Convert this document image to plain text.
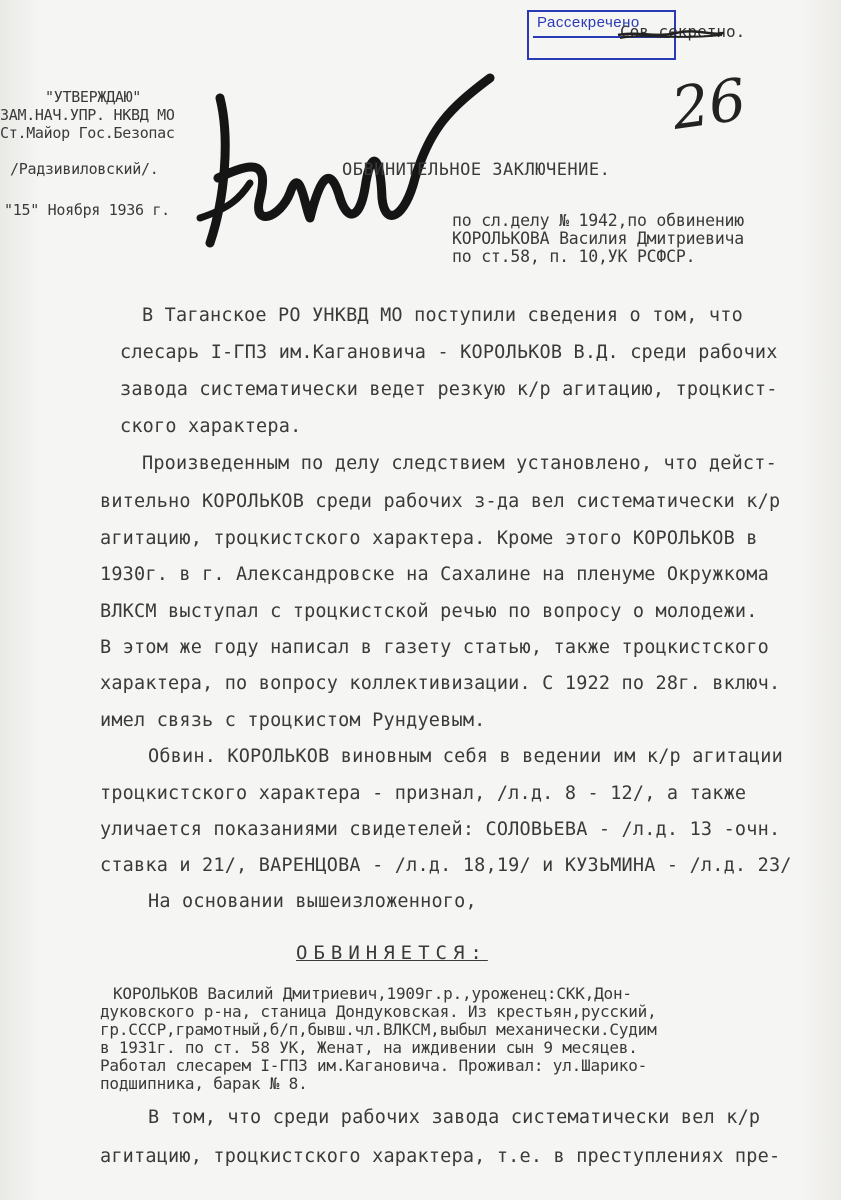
Рассекречено
Сов.секретно.
26
"УТВЕРЖДАЮ"
ЗАМ.НАЧ.УПР. НКВД МО
Ст.Майор Гос.Безопас
/Радзивиловский/.
"15" Ноября 1936 г.
ОБВИНИТЕЛЬНОЕ ЗАКЛЮЧЕНИЕ.
по сл.делу № 1942,по обвинению
КОРОЛЬКОВА Василия Дмитриевича
по ст.58, п. 10,УК РСФСР.
В Таганское РО УНКВД МО поступили сведения о том, что
слесарь I-ГПЗ им.Кагановича - КОРОЛЬКОВ В.Д. среди рабочих
завода систематически ведет резкую к/р агитацию, троцкист-
ского характера.
Произведенным по делу следствием установлено, что дейст-
вительно КОРОЛЬКОВ среди рабочих з-да вел систематически к/р
агитацию, троцкистского характера. Кроме этого КОРОЛЬКОВ в
1930г. в г. Александровске на Сахалине на пленуме Окружкома
ВЛКСМ выступал с троцкистской речью по вопросу о молодежи.
В этом же году написал в газету статью, также троцкистского
характера, по вопросу коллективизации. С 1922 по 28г. включ.
имел связь с троцкистом Рундуевым.
Обвин. КОРОЛЬКОВ виновным себя в ведении им к/р агитации
троцкистского характера - признал, /л.д. 8 - 12/, а также
уличается показаниями свидетелей: СОЛОВЬЕВА - /л.д. 13 -очн.
ставка и 21/, ВАРЕНЦОВА - /л.д. 18,19/ и КУЗЬМИНА - /л.д. 23/
На основании вышеизложенного,
ОБВИНЯЕТСЯ:
КОРОЛЬКОВ Василий Дмитриевич,1909г.р.,уроженец:СКК,Дон-
дуковского р-на, станица Дондуковская. Из крестьян,русский,
гр.СССР,грамотный,б/п,бывш.чл.ВЛКСМ,выбыл механически.Судим
в 1931г. по ст. 58 УК, Женат, на иждивении сын 9 месяцев.
Работал слесарем I-ГПЗ им.Кагановича. Проживал: ул.Шарико-
подшипника, барак № 8.
В том, что среди рабочих завода систематически вел к/р
агитацию, троцкистского характера, т.е. в преступлениях пре-
